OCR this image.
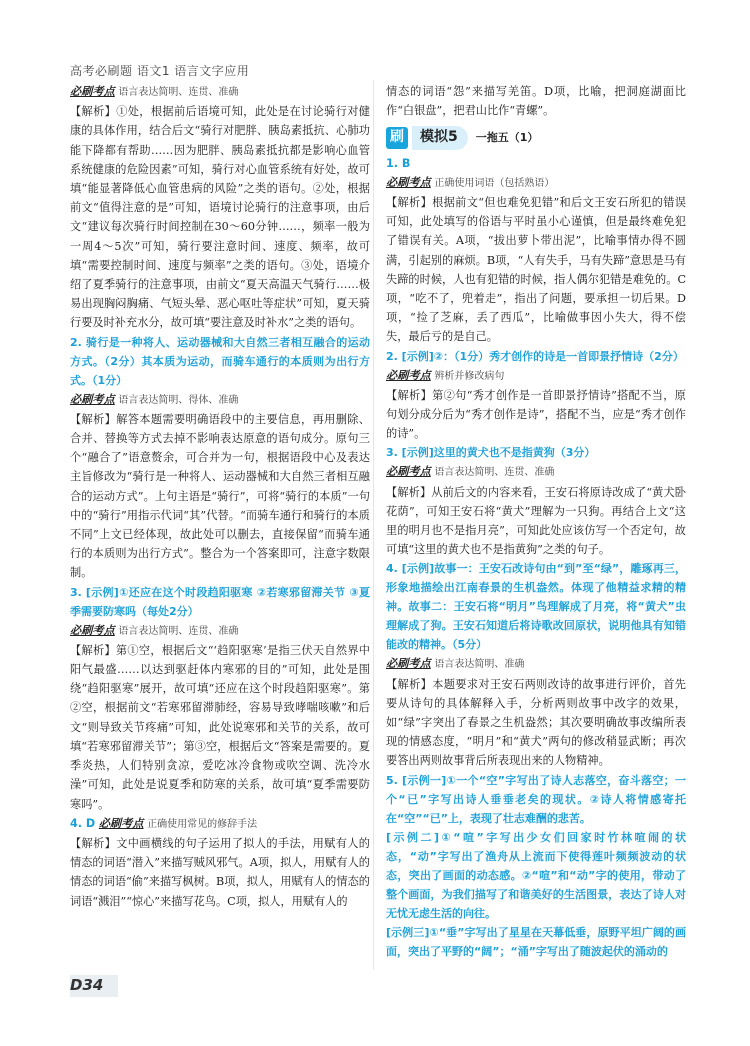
高考必刷题 语文1 语言文字应用

必刷考点 语言表达简明、连贯、准确

【解析】①处，根据前后语境可知，此处是在讨论骑行对健康的具体作用，结合后文“骑行对肥胖、胰岛素抵抗、心肺功能下降都有帮助……因为肥胖、胰岛素抵抗都是影响心血管系统健康的危险因素”可知，骑行对心血管系统有好处，故可填“能显著降低心血管患病的风险”之类的语句。②处，根据前文“值得注意的是”可知，语境讨论骑行的注意事项，由后文“建议每次骑行时间控制在30～60分钟……，频率一般为一周4～5次”可知，骑行要注意时间、速度、频率，故可填“需要控制时间、速度与频率”之类的语句。③处，语境介绍了夏季骑行的注意事项，由前文“夏天高温天气骑行……极易出现胸闷胸痛、气短头晕、恶心呕吐等症状”可知，夏天骑行要及时补充水分，故可填“要注意及时补水”之类的语句。

2. 骑行是一种将人、运动器械和大自然三者相互融合的运动方式。（2分）其本质为运动，而骑车通行的本质则为出行方式。（1分）

必刷考点 语言表达简明、得体、准确

【解析】解答本题需要明确语段中的主要信息，再用删除、合并、替换等方式去掉不影响表达原意的语句成分。原句三个“融合了”语意赘余，可合并为一句，根据语段中心及表达主旨修改为“骑行是一种将人、运动器械和大自然三者相互融合的运动方式”。上句主语是“骑行”，可将“骑行的本质”一句中的“骑行”用指示代词“其”代替。“而骑车通行和骑行的本质不同”上文已经体现，故此处可以删去，直接保留“而骑车通行的本质则为出行方式”。整合为一个答案即可，注意字数限制。

3. [示例]①还应在这个时段趋阳驱寒 ②若寒邪留滞关节 ③夏季需要防寒吗（每处2分）

必刷考点 语言表达简明、连贯、准确

【解析】第①空，根据后文“‘趋阳驱寒’是指三伏天自然界中阳气最盛……以达到驱赶体内寒邪的目的”可知，此处是围绕“趋阳驱寒”展开，故可填“还应在这个时段趋阳驱寒”。第②空，根据前文“若寒邪留滞肺经，容易导致哮喘咳嗽”和后文“则导致关节疼痛”可知，此处说寒邪和关节的关系，故可填“若寒邪留滞关节”；第③空，根据后文“答案是需要的。夏季炎热，人们特别贪凉，爱吃冰冷食物或吹空调、洗冷水澡”可知，此处是说夏季和防寒的关系，故可填“夏季需要防寒吗”。

4. D 必刷考点 正确使用常见的修辞手法

【解析】文中画横线的句子运用了拟人的手法，用赋有人的情态的词语“潜入”来描写贼风邪气。A项，拟人，用赋有人的情态的词语“偷”来描写枫树。B项，拟人，用赋有人的情态的词语“溅泪”“惊心”来描写花鸟。C项，拟人，用赋有人的

情态的词语“怨”来描写羌笛。D项，比喻，把洞庭湖面比作“白银盘”，把君山比作“青螺”。

刷	模拟5	一拖五（1）

1. B

必刷考点 正确使用词语（包括熟语）

【解析】根据前文“但也难免犯错”和后文王安石所犯的错误可知，此处填写的俗语与平时虽小心谨慎，但是最终难免犯了错误有关。A项，“拔出萝卜带出泥”，比喻事情办得不圆满，引起别的麻烦。B项，“人有失手，马有失蹄”意思是马有失蹄的时候，人也有犯错的时候，指人偶尔犯错是难免的。C项，“吃不了，兜着走”，指出了问题，要承担一切后果。D项，“捡了芝麻，丢了西瓜”，比喻做事因小失大，得不偿失，最后亏的是自己。

2. [示例]②：（1分）秀才创作的诗是一首即景抒情诗（2分）

必刷考点 辨析并修改病句

【解析】第②句“秀才创作是一首即景抒情诗”搭配不当，原句划分成分后为“秀才创作是诗”，搭配不当，应是“秀才创作的诗”。

3. [示例]这里的黄犬也不是指黄狗（3分）

必刷考点 语言表达简明、连贯、准确

【解析】从前后文的内容来看，王安石将原诗改成了“黄犬卧花荫”，可知王安石将“黄犬”理解为一只狗。再结合上文“这里的明月也不是指月亮”，可知此处应该仿写一个否定句，故可填“这里的黄犬也不是指黄狗”之类的句子。

4. [示例]故事一：王安石改诗句由“到”至“绿”，雕琢再三，形象地描绘出江南春景的生机盎然。体现了他精益求精的精神。故事二：王安石将“明月”鸟理解成了月亮，将“黄犬”虫理解成了狗。王安石知道后将诗歌改回原状，说明他具有知错能改的精神。（5分）

必刷考点 语言表达简明、准确

【解析】本题要求对王安石两则改诗的故事进行评价，首先要从诗句的具体解释入手，分析两则故事中改字的效果，如“绿”字突出了春景之生机盎然；其次要明确故事改编所表现的情感态度，“明月”和“黄犬”两句的修改稍显武断；再次要答出两则故事背后所表现出来的人物精神。

5. [示例一]①一个“空”字写出了诗人志落空，奋斗落空；一个“已”字写出诗人垂垂老矣的现状。②诗人将情感寄托在“空”“已”上，表现了壮志难酬的悲苦。

[示例二]①“喧”字写出少女们回家时竹林喧闹的状态，“动”字写出了渔舟从上流而下使得莲叶频频波动的状态，突出了画面的动态感。②“喧”和“动”字的使用，带动了整个画面，为我们描写了和谐美好的生活图景，表达了诗人对无忧无虑生活的向往。

[示例三]①“垂”字写出了星星在天幕低垂，原野平坦广阔的画面，突出了平野的“阔”；“涌”字写出了随波起伏的涌动的

D34
